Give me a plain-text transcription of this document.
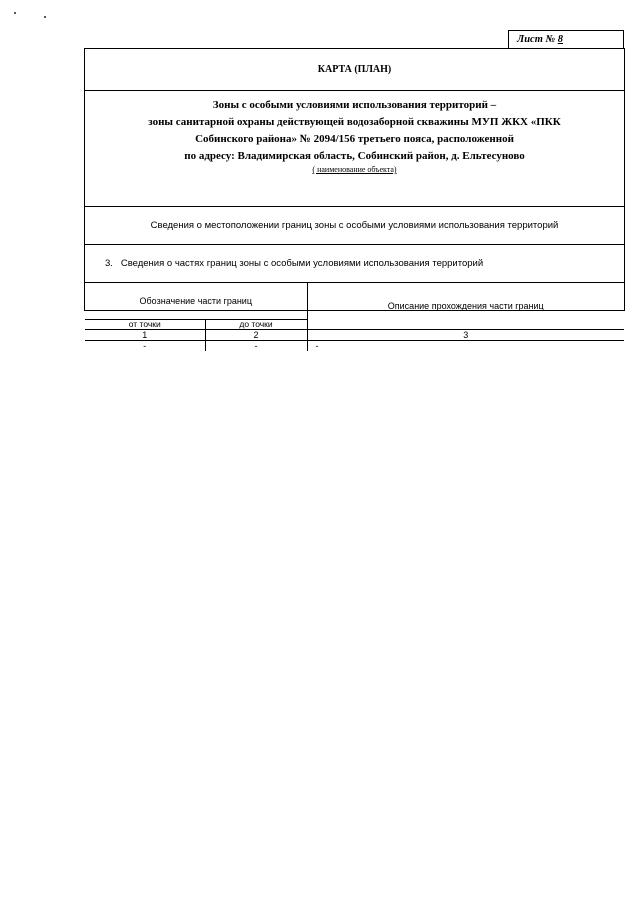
Лист № 8
КАРТА (ПЛАН)
Зоны с особыми условиями использования территорий –
зоны санитарной охраны действующей водозаборной скважины МУП ЖКХ «ПКК
Собинского района» № 2094/156 третьего пояса, расположенной
по адресу: Владимирская область, Собинский район, д. Ельтесуново
( наименование объекта)
Сведения о местоположении границ зоны с особыми условиями использования территорий
3. Сведения о частях границ зоны с особыми условиями использования территорий
Обозначение части границ		Описание прохождения части границ
от точки	до точки	
1	2	3
-	-	-
